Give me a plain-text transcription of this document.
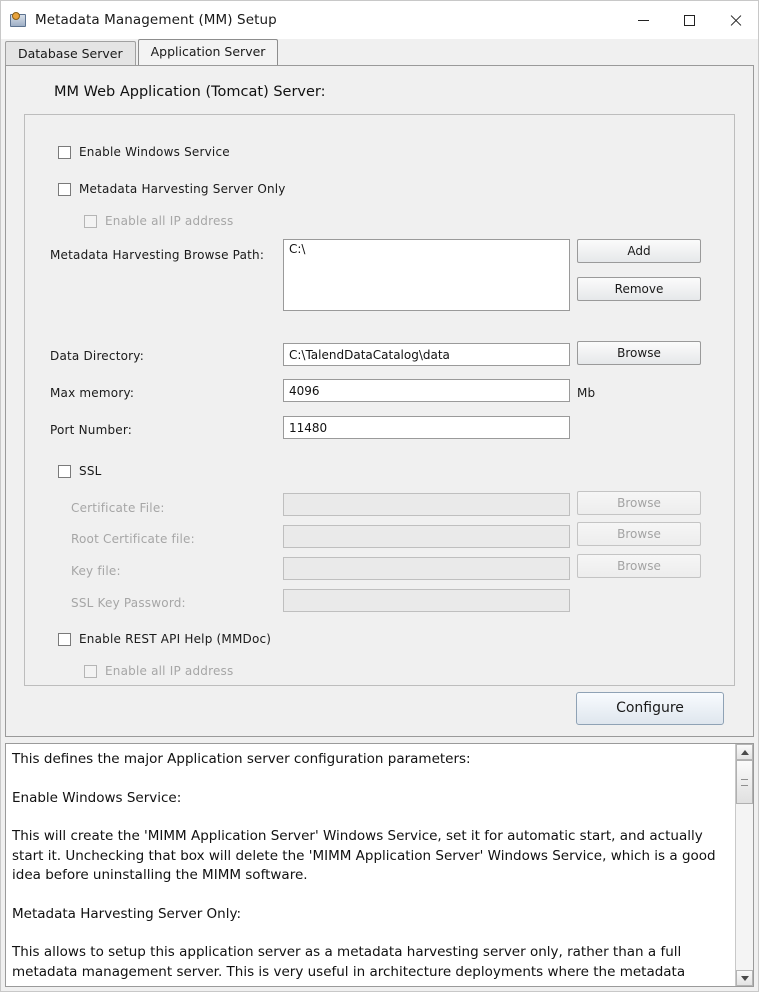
Metadata Management (MM) Setup
Database Server	Application Server
MM Web Application (Tomcat) Server:
Enable Windows Service
Metadata Harvesting Server Only
Enable all IP address
Metadata Harvesting Browse Path:
C:\	Add
Remove
Data Directory:
C:\TalendDataCatalog\data	Browse
Max memory:
4096	Mb
Port Number:
11480
SSL
Certificate File:	Browse
Root Certificate file:	Browse
Key file:	Browse
SSL Key Password:
Enable REST API Help (MMDoc)
Enable all IP address
Configure

This defines the major Application server configuration parameters:

Enable Windows Service:

This will create the 'MIMM Application Server' Windows Service, set it for automatic start, and actually start it. Unchecking that box will delete the 'MIMM Application Server' Windows Service, which is a good idea before uninstalling the MIMM software.

Metadata Harvesting Server Only:

This allows to setup this application server as a metadata harvesting server only, rather than a full metadata management server. This is very useful in architecture deployments where the metadata
